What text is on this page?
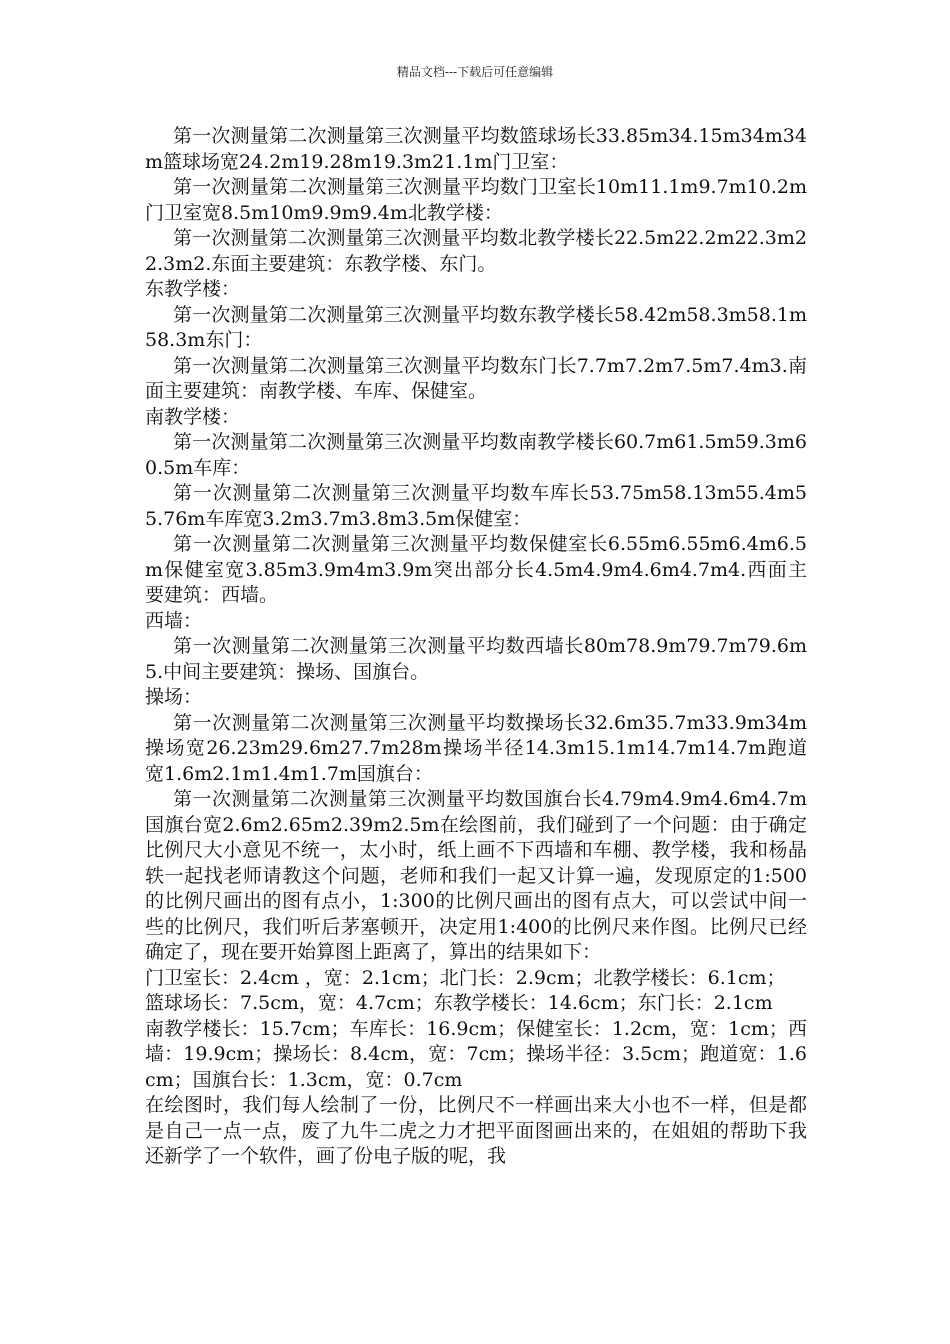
精品文档---下载后可任意编辑

第一次测量第二次测量第三次测量平均数篮球场长33.85m34.15m34m34m篮球场宽24.2m19.28m19.3m21.1m门卫室：

第一次测量第二次测量第三次测量平均数门卫室长10m11.1m9.7m10.2m门卫室宽8.5m10m9.9m9.4m北教学楼：

第一次测量第二次测量第三次测量平均数北教学楼长22.5m22.2m22.3m22.3m2.东面主要建筑：东教学楼、东门。

东教学楼：

第一次测量第二次测量第三次测量平均数东教学楼长58.42m58.3m58.1m58.3m东门：

第一次测量第二次测量第三次测量平均数东门长7.7m7.2m7.5m7.4m3.南面主要建筑：南教学楼、车库、保健室。

南教学楼：

第一次测量第二次测量第三次测量平均数南教学楼长60.7m61.5m59.3m60.5m车库：

第一次测量第二次测量第三次测量平均数车库长53.75m58.13m55.4m55.76m车库宽3.2m3.7m3.8m3.5m保健室：

第一次测量第二次测量第三次测量平均数保健室长6.55m6.55m6.4m6.5m保健室宽3.85m3.9m4m3.9m突出部分长4.5m4.9m4.6m4.7m4.西面主要建筑：西墙。

西墙：

第一次测量第二次测量第三次测量平均数西墙长80m78.9m79.7m79.6m5.中间主要建筑：操场、国旗台。

操场：

第一次测量第二次测量第三次测量平均数操场长32.6m35.7m33.9m34m操场宽26.23m29.6m27.7m28m操场半径14.3m15.1m14.7m14.7m跑道宽1.6m2.1m1.4m1.7m国旗台：

第一次测量第二次测量第三次测量平均数国旗台长4.79m4.9m4.6m4.7m国旗台宽2.6m2.65m2.39m2.5m在绘图前，我们碰到了一个问题：由于确定比例尺大小意见不统一，太小时，纸上画不下西墙和车棚、教学楼，我和杨晶轶一起找老师请教这个问题，老师和我们一起又计算一遍，发现原定的1:500的比例尺画出的图有点小，1:300的比例尺画出的图有点大，可以尝试中间一些的比例尺，我们听后茅塞顿开，决定用1:400的比例尺来作图。比例尺已经确定了，现在要开始算图上距离了，算出的结果如下：

门卫室长：2.4cm ，宽：2.1cm；北门长：2.9cm；北教学楼长：6.1cm；

篮球场长：7.5cm，宽：4.7cm；东教学楼长：14.6cm；东门长：2.1cm

南教学楼长：15.7cm；车库长：16.9cm；保健室长：1.2cm，宽：1cm；西墙：19.9cm；操场长：8.4cm，宽：7cm；操场半径：3.5cm；跑道宽：1.6cm；国旗台长：1.3cm，宽：0.7cm

在绘图时，我们每人绘制了一份，比例尺不一样画出来大小也不一样，但是都是自己一点一点，废了九牛二虎之力才把平面图画出来的，在姐姐的帮助下我还新学了一个软件，画了份电子版的呢，我
